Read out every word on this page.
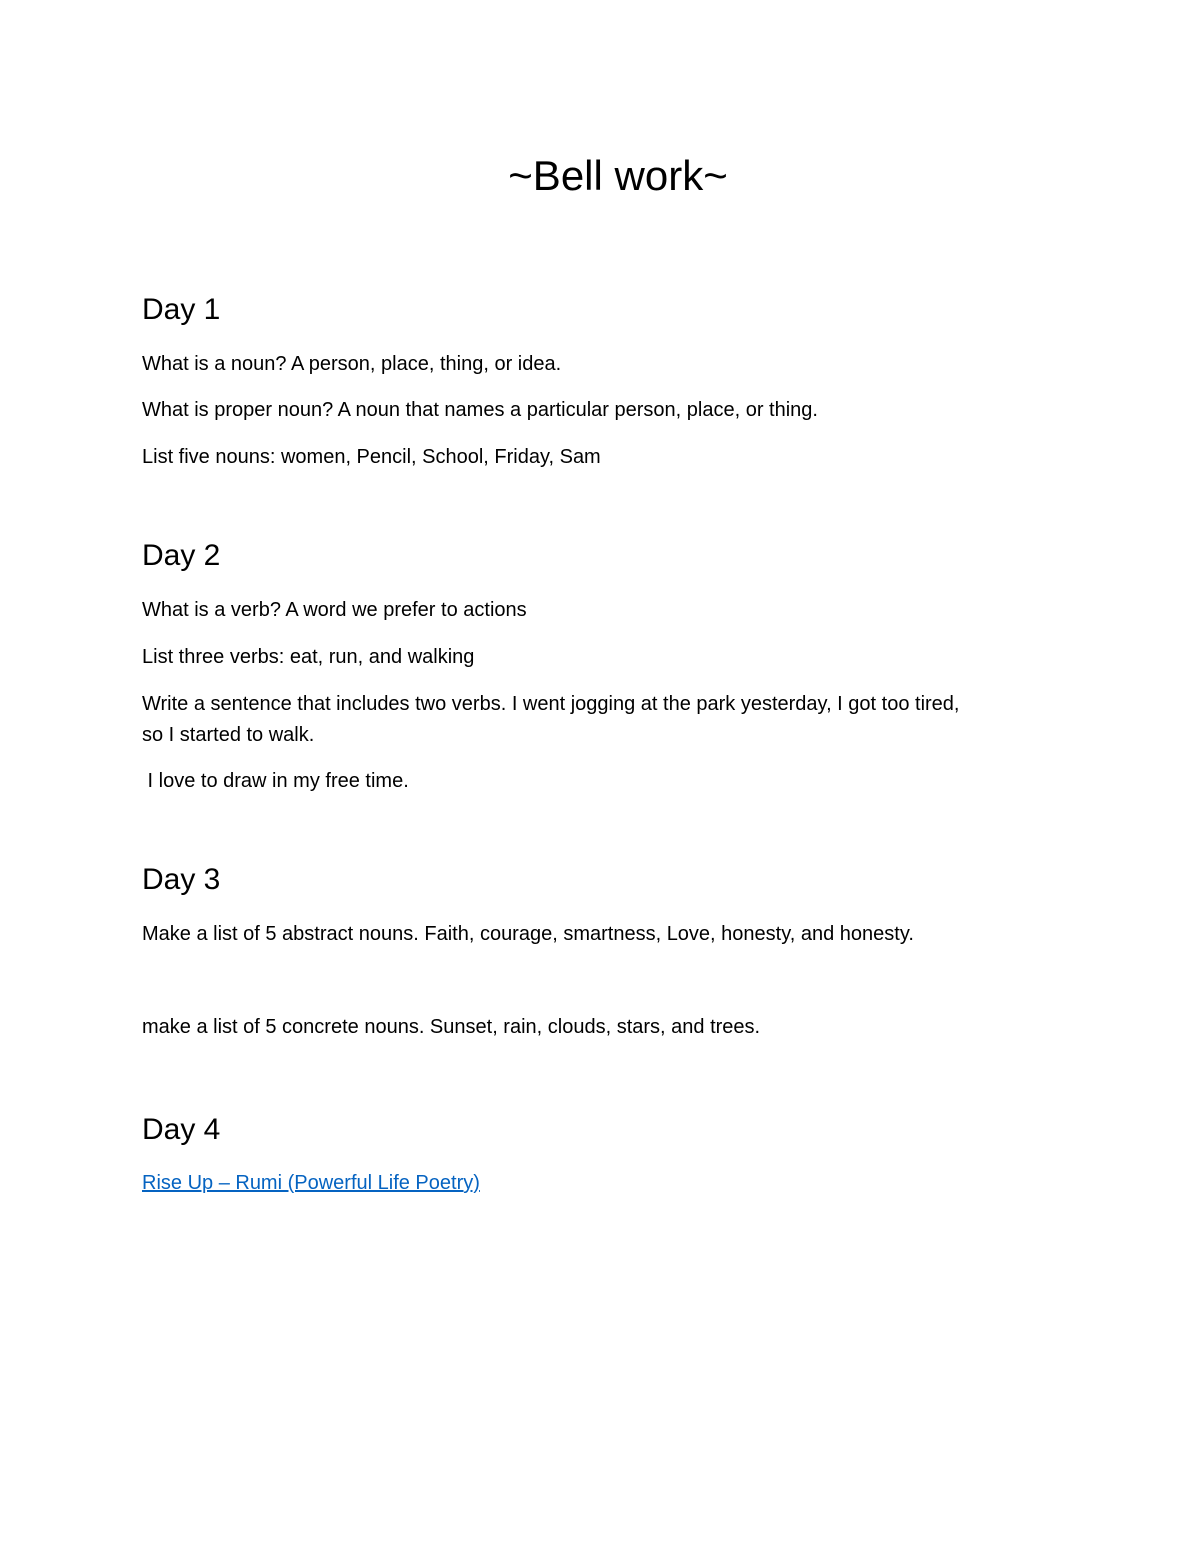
~Bell work~
Day 1
What is a noun? A person, place, thing, or idea.
What is proper noun? A noun that names a particular person, place, or thing.
List five nouns: women, Pencil, School, Friday, Sam
Day 2
What is a verb? A word we prefer to actions
List three verbs: eat, run, and walking
Write a sentence that includes two verbs. I went jogging at the park yesterday, I got too tired,
so I started to walk.
I love to draw in my free time.
Day 3
Make a list of 5 abstract nouns. Faith, courage, smartness, Love, honesty, and honesty.
make a list of 5 concrete nouns. Sunset, rain, clouds, stars, and trees.
Day 4
Rise Up – Rumi (Powerful Life Poetry)
